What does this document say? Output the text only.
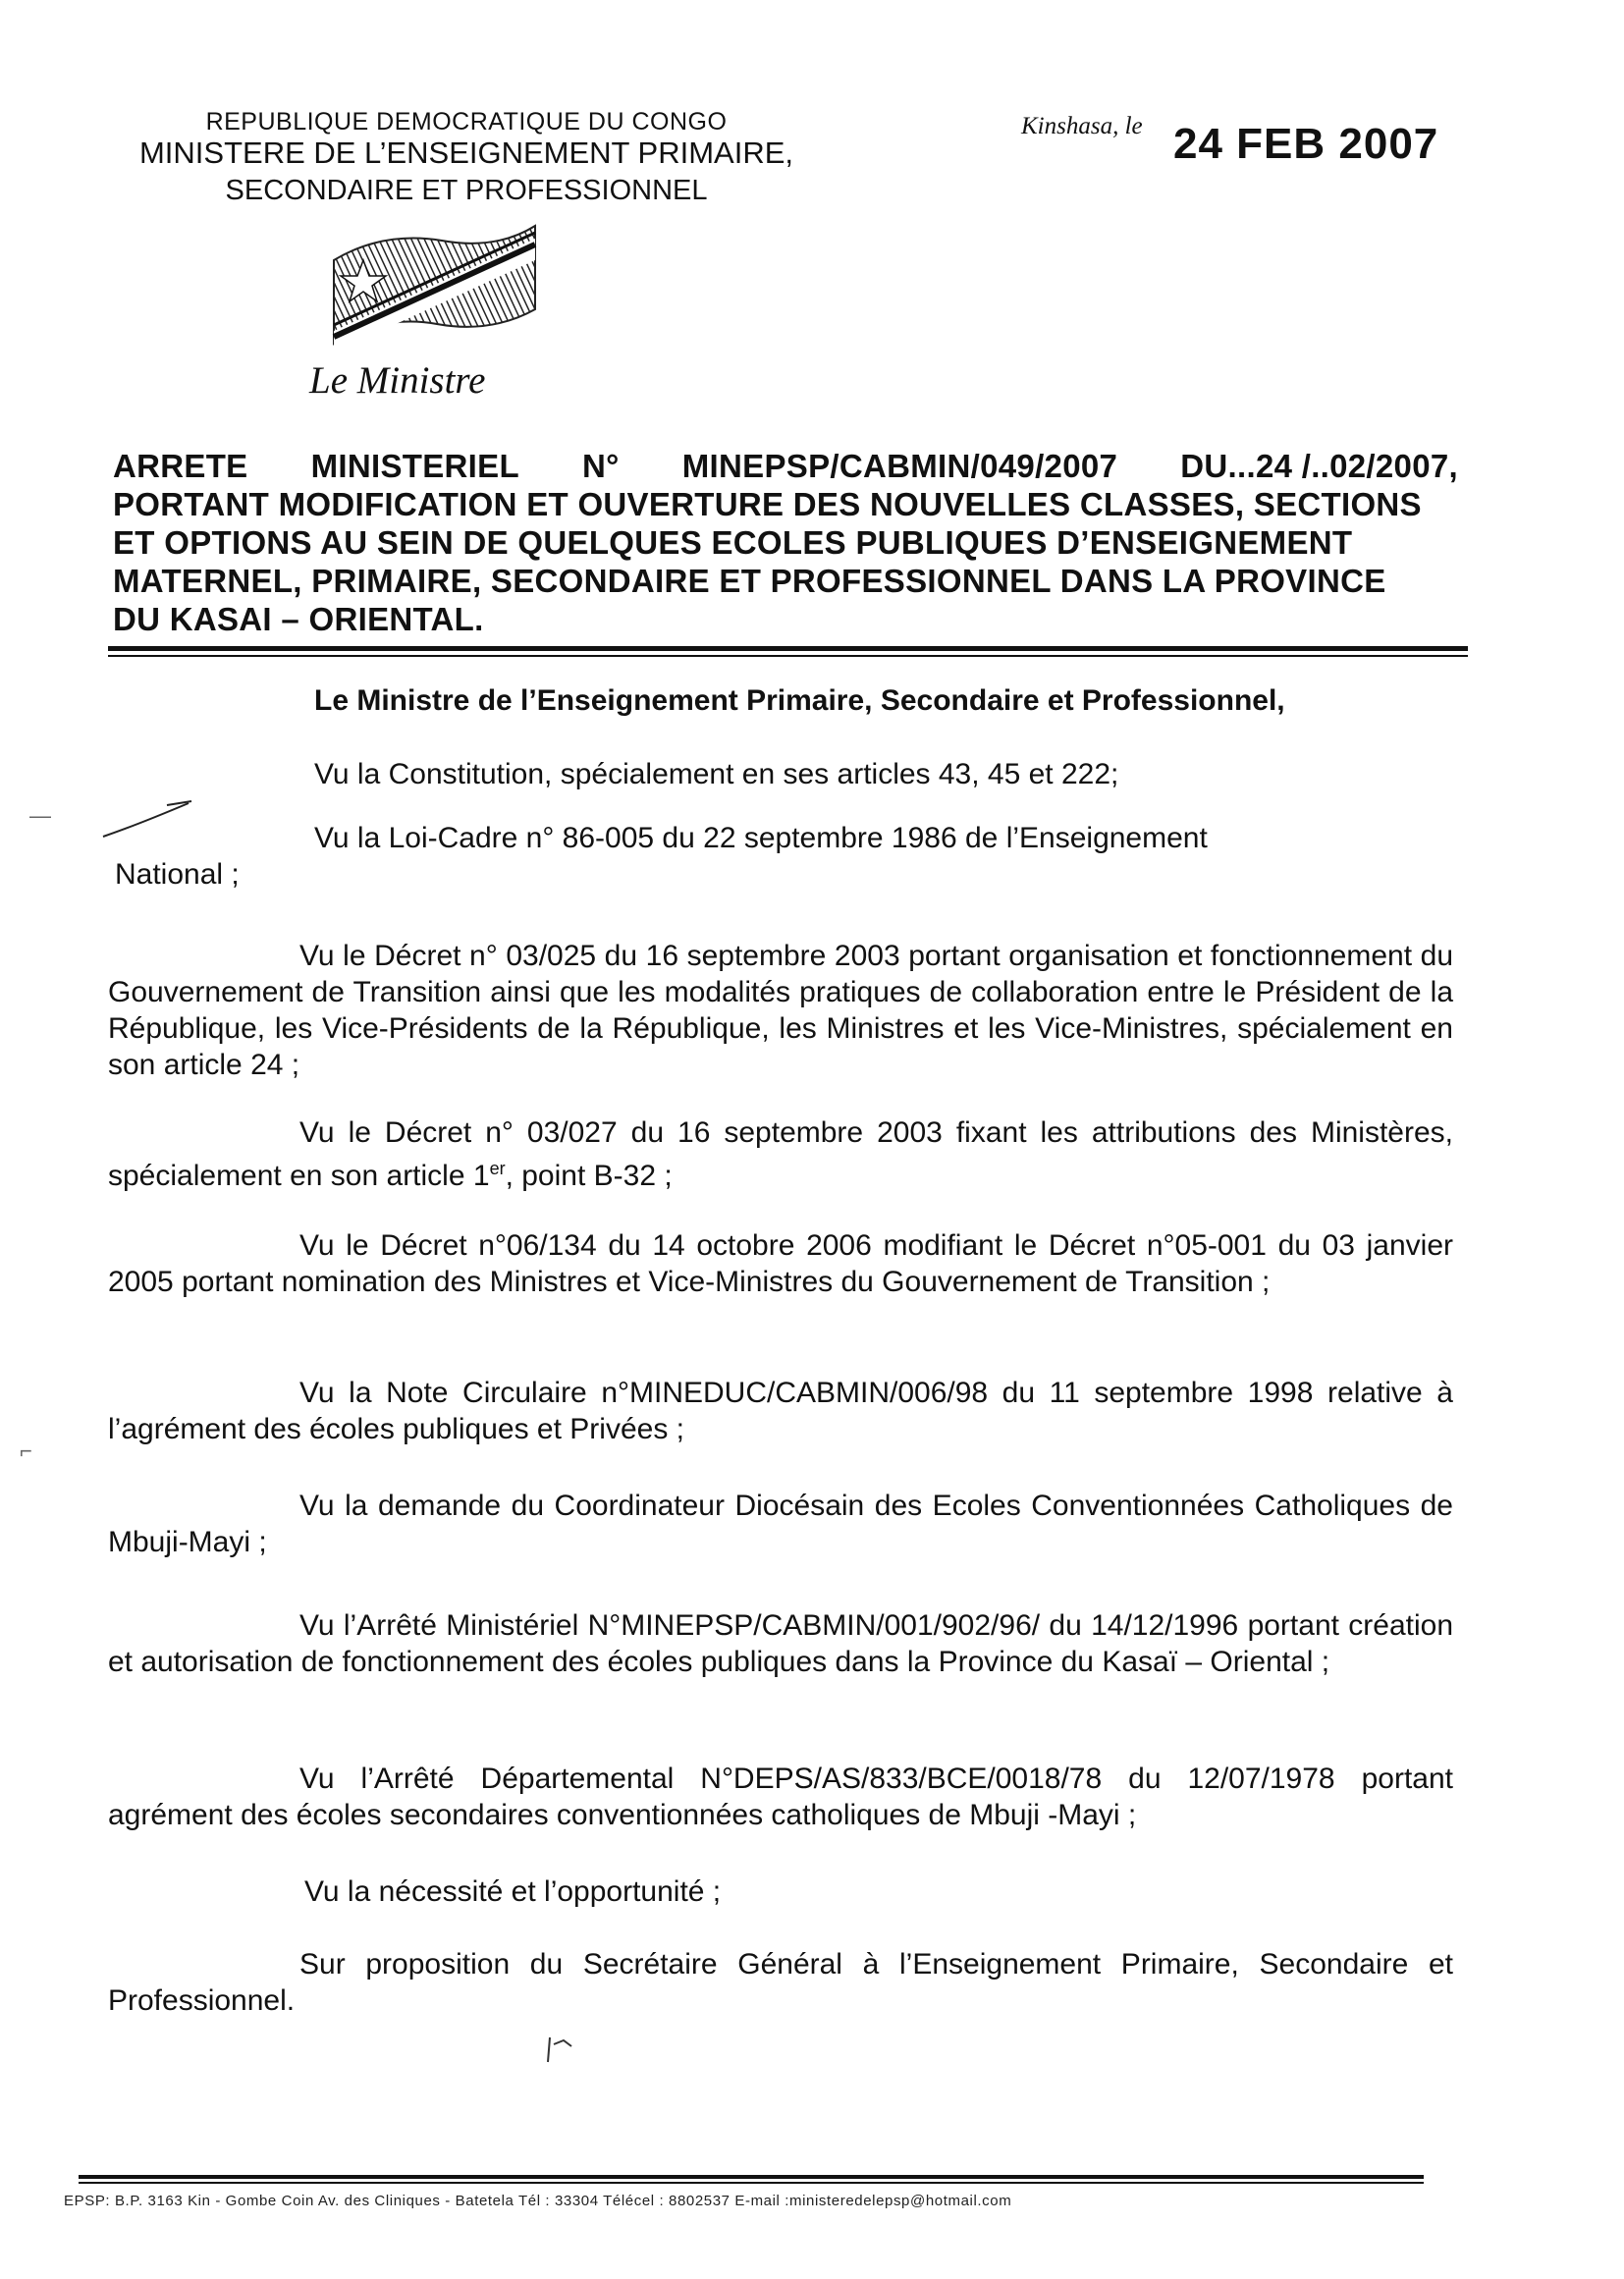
REPUBLIQUE DEMOCRATIQUE DU CONGO
MINISTERE DE L’ENSEIGNEMENT PRIMAIRE,
SECONDAIRE ET PROFESSIONNEL
Kinshasa, le 24 FEB 2007
Le Ministre
ARRETE MINISTERIEL N° MINEPSP/CABMIN/049/2007 DU...24 /..02/2007,
PORTANT MODIFICATION ET OUVERTURE DES NOUVELLES CLASSES, SECTIONS
ET OPTIONS AU SEIN DE QUELQUES ECOLES PUBLIQUES D’ENSEIGNEMENT
MATERNEL, PRIMAIRE, SECONDAIRE ET PROFESSIONNEL DANS LA PROVINCE
DU KASAI – ORIENTAL.
Le Ministre de l’Enseignement Primaire, Secondaire et Professionnel,
Vu la Constitution, spécialement en ses articles 43, 45 et 222;
—
Vu la Loi-Cadre n° 86-005 du 22 septembre 1986 de l’Enseignement
National ;
Vu le Décret n° 03/025 du 16 septembre 2003 portant organisation et fonctionnement du Gouvernement de Transition ainsi que les modalités pratiques de collaboration entre le Président de la République, les Vice-Présidents de la République, les Ministres et les Vice-Ministres, spécialement en son article 24 ;
Vu le Décret n° 03/027 du 16 septembre 2003 fixant les attributions des Ministères, spécialement en son article 1er, point B-32 ;
Vu le Décret n°06/134 du 14 octobre 2006 modifiant le Décret n°05-001 du 03 janvier 2005 portant nomination des Ministres et Vice-Ministres du Gouvernement de Transition ;
Vu la Note Circulaire n°MINEDUC/CABMIN/006/98 du 11 septembre 1998 relative à l’agrément des écoles publiques et Privées ;
⌐
Vu la demande du Coordinateur Diocésain des Ecoles Conventionnées Catholiques de Mbuji-Mayi ;
Vu l’Arrêté Ministériel N°MINEPSP/CABMIN/001/902/96/ du 14/12/1996 portant création et autorisation de fonctionnement des écoles publiques dans la Province du Kasaï – Oriental ;
Vu l’Arrêté Départemental N°DEPS/AS/833/BCE/0018/78 du 12/07/1978 portant agrément des écoles secondaires conventionnées catholiques de Mbuji -Mayi ;
Vu la nécessité et l’opportunité ;
Sur proposition du Secrétaire Général à l’Enseignement Primaire, Secondaire et Professionnel.
EPSP: B.P. 3163 Kin - Gombe Coin Av. des Cliniques - Batetela Tél : 33304 Télécel : 8802537 E-mail :ministeredelepsp@hotmail.com
